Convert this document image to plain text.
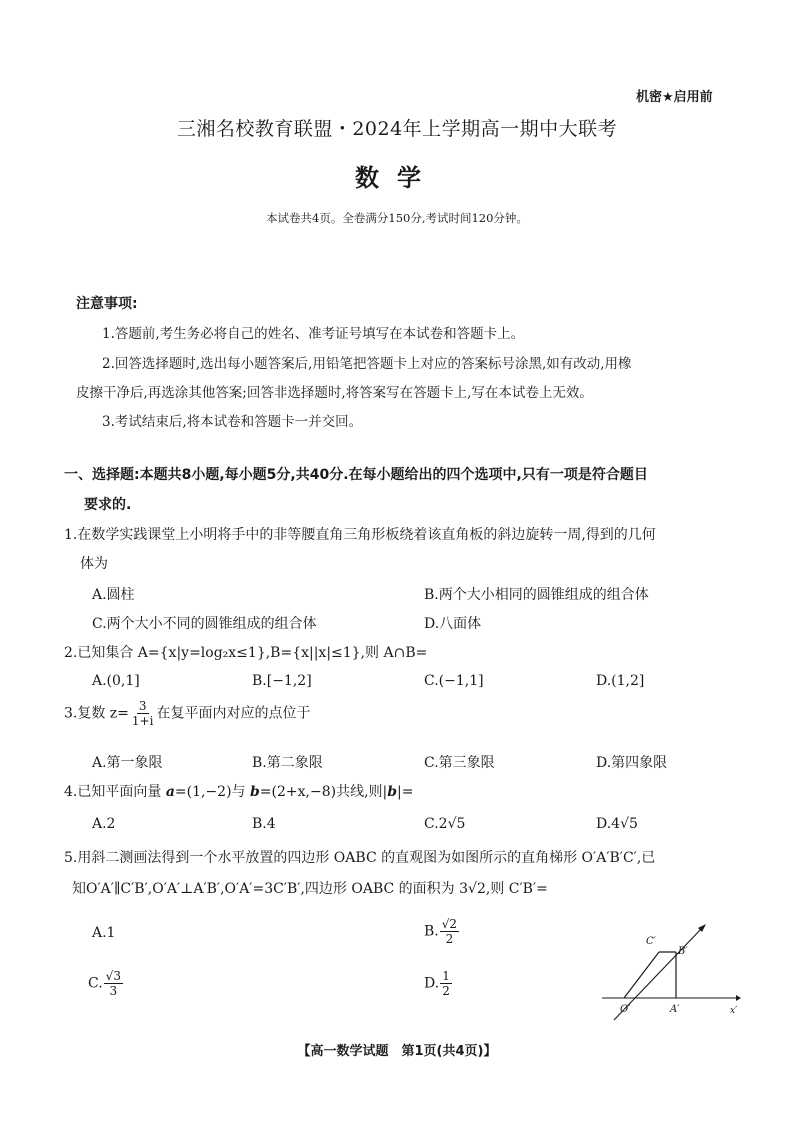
机密★启用前
三湘名校教育联盟・2024年上学期高一期中大联考
数学
本试卷共4页。全卷满分150分,考试时间120分钟。
注意事项:
1.答题前,考生务必将自己的姓名、准考证号填写在本试卷和答题卡上。
2.回答选择题时,选出每小题答案后,用铅笔把答题卡上对应的答案标号涂黑,如有改动,用橡
皮擦干净后,再选涂其他答案;回答非选择题时,将答案写在答题卡上,写在本试卷上无效。
3.考试结束后,将本试卷和答题卡一并交回。
一、选择题:本题共8小题,每小题5分,共40分.在每小题给出的四个选项中,只有一项是符合题目
要求的.
1.在数学实践课堂上小明将手中的非等腰直角三角形板绕着该直角板的斜边旋转一周,得到的几何
体为
A.圆柱	B.两个大小相同的圆锥组成的组合体
C.两个大小不同的圆锥组成的组合体	D.八面体
2.已知集合 A={x|y=log₂x≤1},B={x||x|≤1},则 A∩B=
A.(0,1]	B.[−1,2]	C.(−1,1]	D.(1,2]
3.复数 $z= \frac{3}{1+i}$ 在复平面内对应的点位于
A.第一象限	B.第二象限	C.第三象限	D.第四象限
4.已知平面向量 a=(1,−2)与 b=(2+x,−8)共线,则|b|=
A.2	B.4	C.2√5	D.4√5
5.用斜二测画法得到一个水平放置的四边形 OABC 的直观图为如图所示的直角梯形 O′A′B′C′,已
知O′A′∥C′B′,O′A′⊥A′B′,O′A′=3C′B′,四边形 OABC 的面积为 3√2,则 C′B′=
A.1	B. $\frac{√2}{2}$
C. $\frac{√3}{3}$	D. $\frac{1}{2}$
C′
B′
O′	A′	x′
【高一数学试题　第1页(共4页)】
